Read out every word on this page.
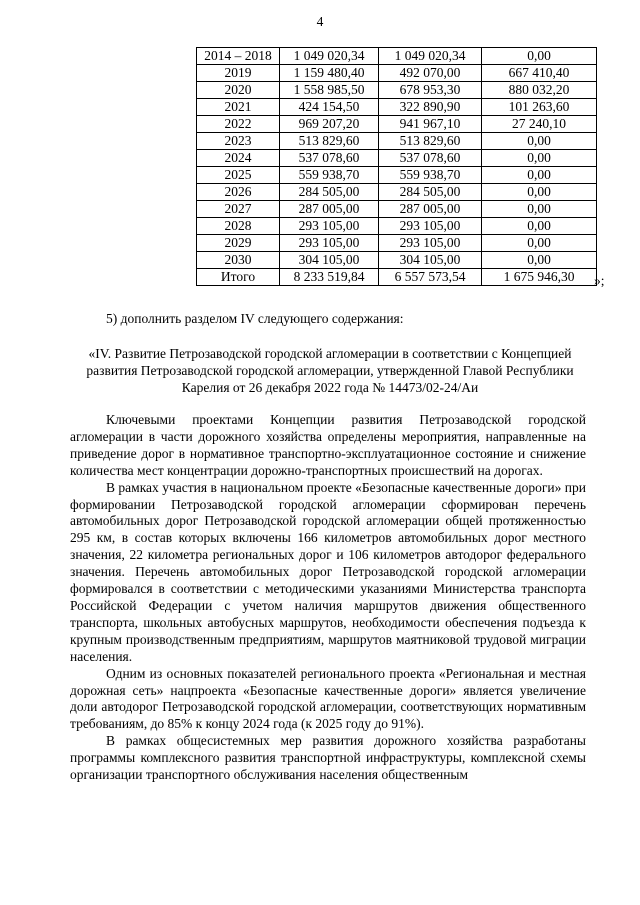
4
2014 – 2018	1 049 020,34	1 049 020,34	0,00
2019	1 159 480,40	492 070,00	667 410,40
2020	1 558 985,50	678 953,30	880 032,20
2021	424 154,50	322 890,90	101 263,60
2022	969 207,20	941 967,10	27 240,10
2023	513 829,60	513 829,60	0,00
2024	537 078,60	537 078,60	0,00
2025	559 938,70	559 938,70	0,00
2026	284 505,00	284 505,00	0,00
2027	287 005,00	287 005,00	0,00
2028	293 105,00	293 105,00	0,00
2029	293 105,00	293 105,00	0,00
2030	304 105,00	304 105,00	0,00
Итого	8 233 519,84	6 557 573,54	1 675 946,30 »;
5) дополнить разделом IV следующего содержания:
«IV. Развитие Петрозаводской городской агломерации в соответствии с Концепцией развития Петрозаводской городской агломерации, утвержденной Главой Республики Карелия от 26 декабря 2022 года № 14473/02-24/Аи

Ключевыми проектами Концепции развития Петрозаводской городской агломерации в части дорожного хозяйства определены мероприятия, направленные на приведение дорог в нормативное транспортно-эксплуатационное состояние и снижение количества мест концентрации дорожно-транспортных происшествий на дорогах.

В рамках участия в национальном проекте «Безопасные качественные дороги» при формировании Петрозаводской городской агломерации сформирован перечень автомобильных дорог Петрозаводской городской агломерации общей протяженностью 295 км, в состав которых включены 166 километров автомобильных дорог местного значения, 22 километра региональных дорог и 106 километров автодорог федерального значения. Перечень автомобильных дорог Петрозаводской городской агломерации формировался в соответствии с методическими указаниями Министерства транспорта Российской Федерации с учетом наличия маршрутов движения общественного транспорта, школьных автобусных маршрутов, необходимости обеспечения подъезда к крупным производственным предприятиям, маршрутов маятниковой трудовой миграции населения.

Одним из основных показателей регионального проекта «Региональная и местная дорожная сеть» нацпроекта «Безопасные качественные дороги» является увеличение доли автодорог Петрозаводской городской агломерации, соответствующих нормативным требованиям, до 85% к концу 2024 года (к 2025 году до 91%).

В рамках общесистемных мер развития дорожного хозяйства разработаны программы комплексного развития транспортной инфраструктуры, комплексной схемы организации транспортного обслуживания населения общественным
